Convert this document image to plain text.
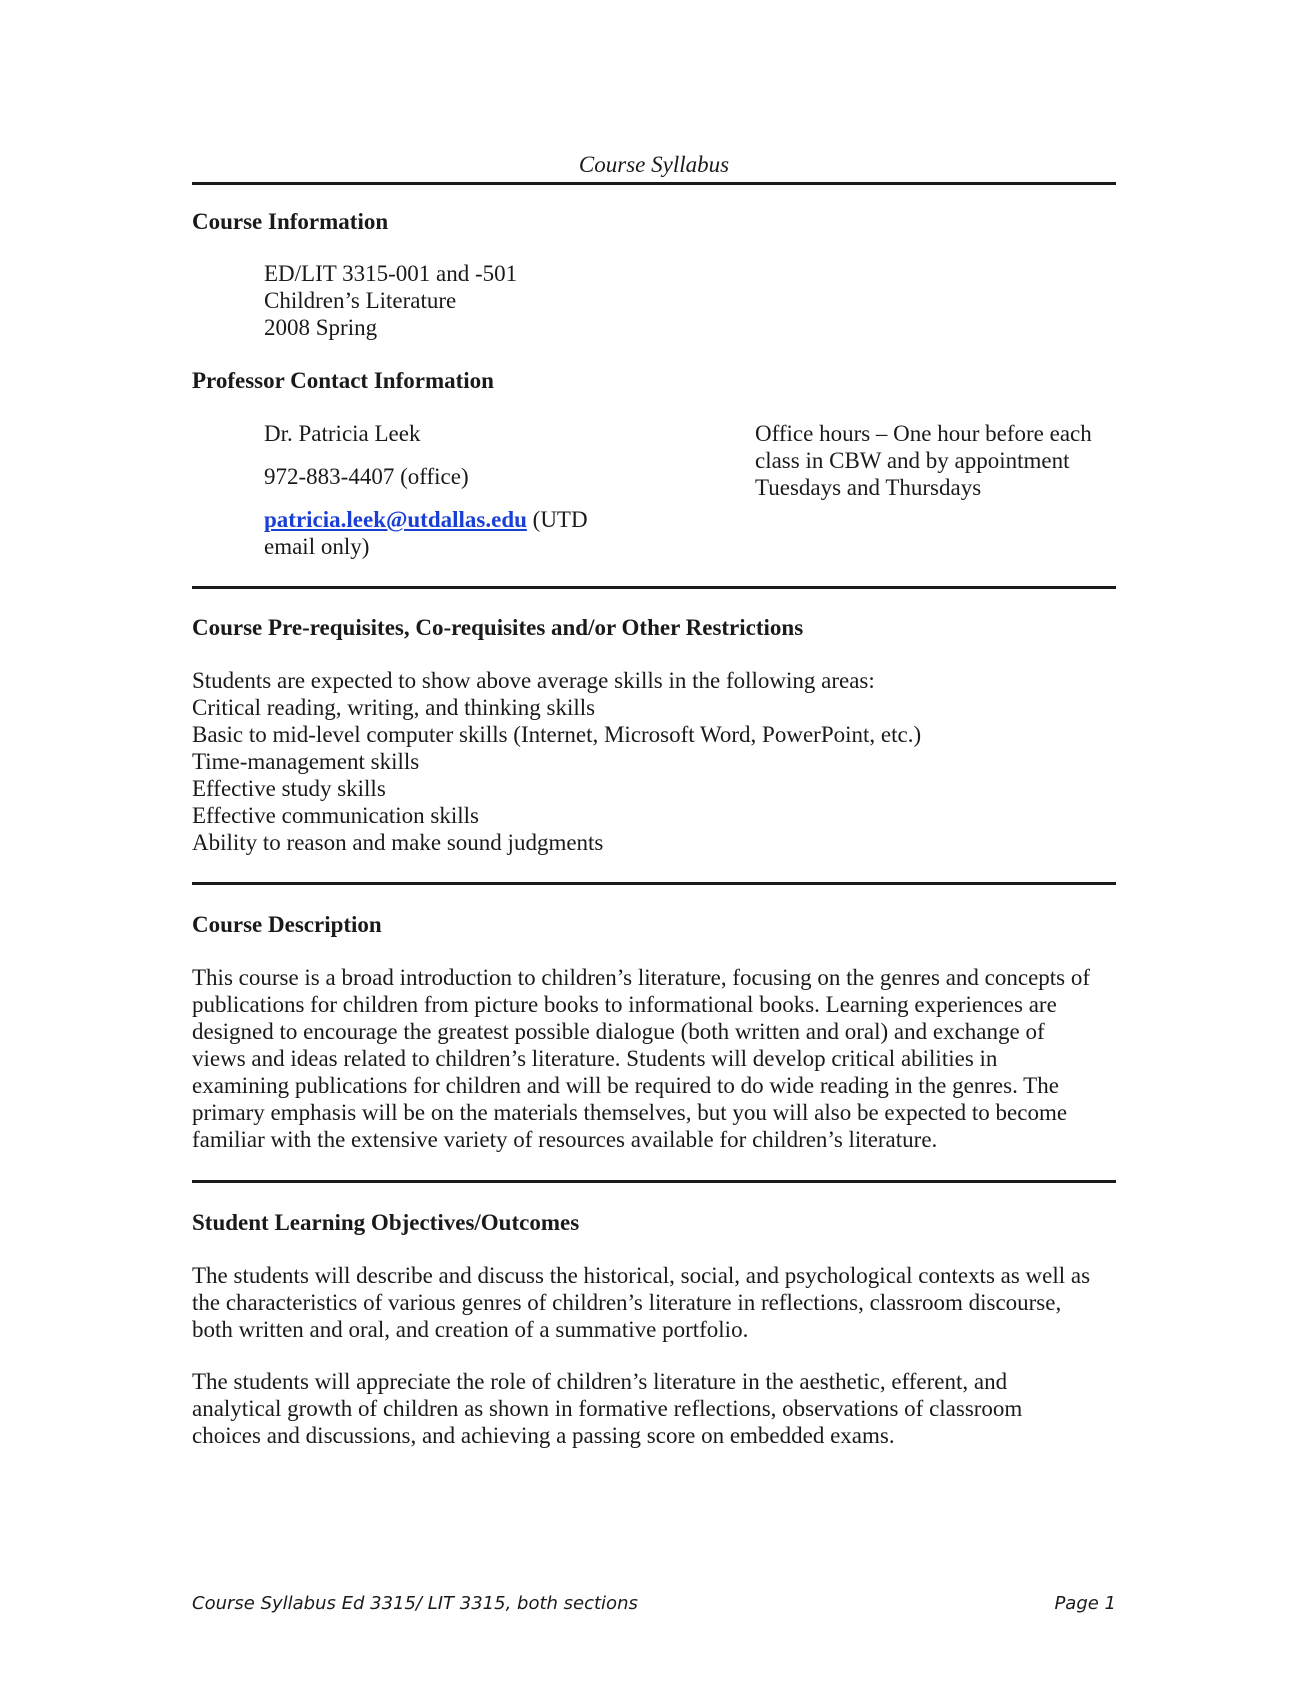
Course Syllabus
Course Information
ED/LIT 3315-001 and -501
Children’s Literature
2008 Spring
Professor Contact Information
Dr. Patricia Leek
972-883-4407 (office)
patricia.leek@utdallas.edu (UTD
email only)
Office hours – One hour before each
class in CBW and by appointment
Tuesdays and Thursdays
Course Pre-requisites, Co-requisites and/or Other Restrictions
Students are expected to show above average skills in the following areas:
Critical reading, writing, and thinking skills
Basic to mid-level computer skills (Internet, Microsoft Word, PowerPoint, etc.)
Time-management skills
Effective study skills
Effective communication skills
Ability to reason and make sound judgments
Course Description
This course is a broad introduction to children’s literature, focusing on the genres and concepts of
publications for children from picture books to informational books. Learning experiences are
designed to encourage the greatest possible dialogue (both written and oral) and exchange of
views and ideas related to children’s literature. Students will develop critical abilities in
examining publications for children and will be required to do wide reading in the genres. The
primary emphasis will be on the materials themselves, but you will also be expected to become
familiar with the extensive variety of resources available for children’s literature.
Student Learning Objectives/Outcomes
The students will describe and discuss the historical, social, and psychological contexts as well as
the characteristics of various genres of children’s literature in reflections, classroom discourse,
both written and oral, and creation of a summative portfolio.
The students will appreciate the role of children’s literature in the aesthetic, efferent, and
analytical growth of children as shown in formative reflections, observations of classroom
choices and discussions, and achieving a passing score on embedded exams.
Course Syllabus Ed 3315/ LIT 3315, both sections	Page 1
